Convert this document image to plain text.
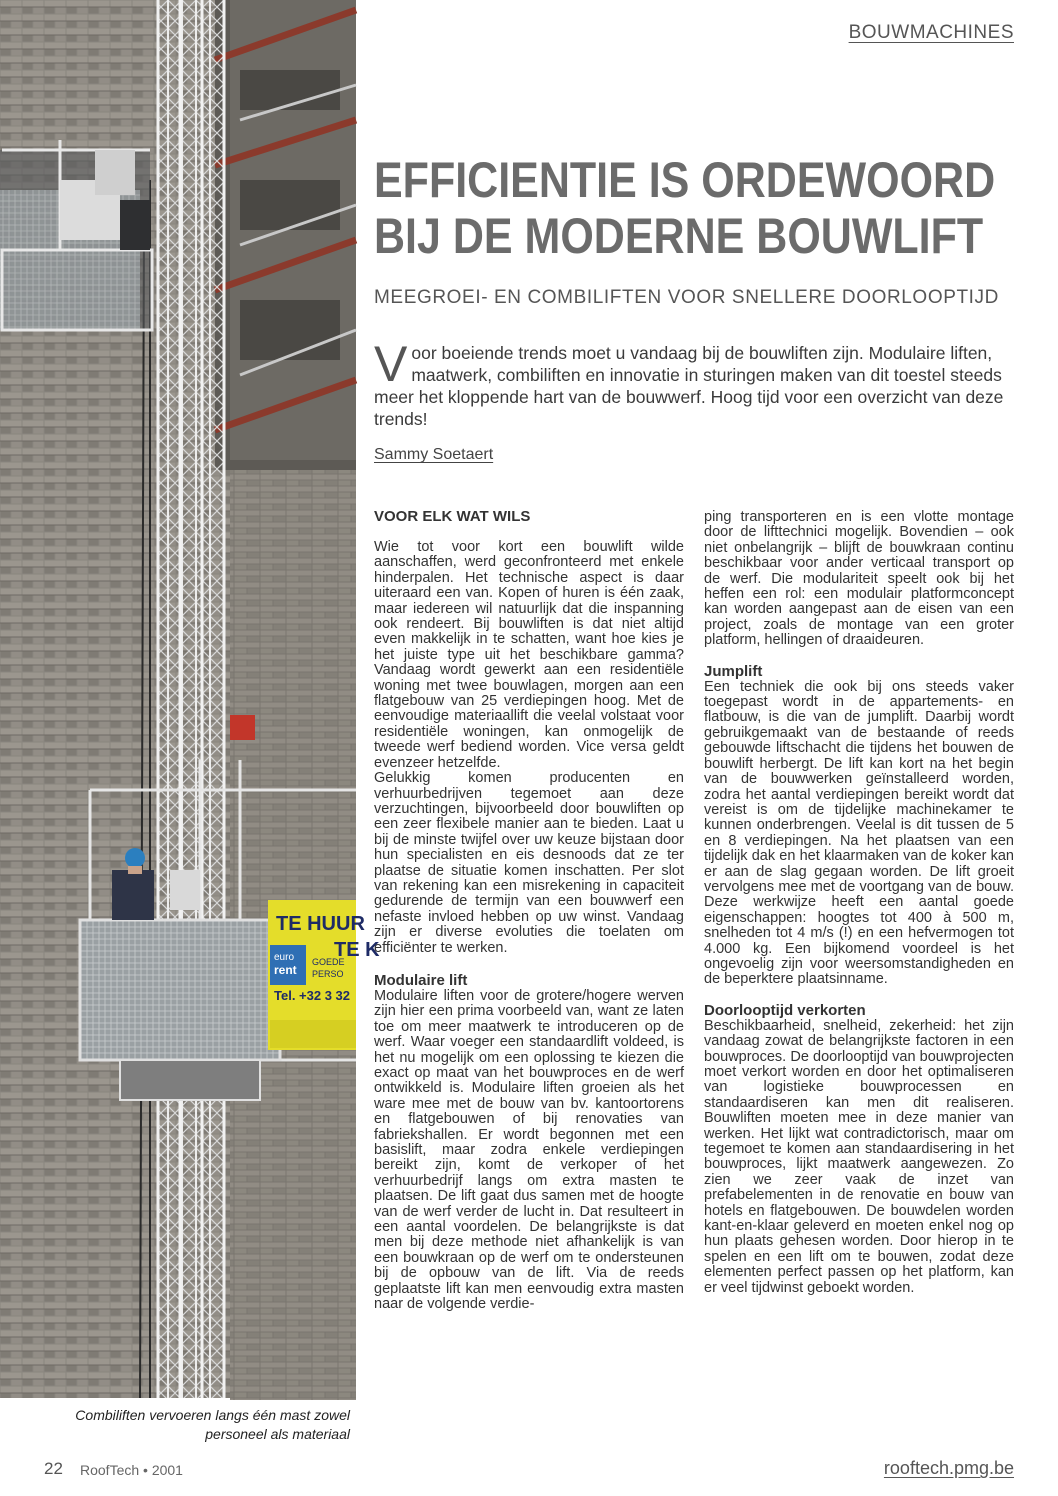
TE HUUR
TE K
euro
rent
GOEDE
PERSO
Tel. +32 3 32
Combiliften vervoeren langs één mast zowel personeel als materiaal
BOUWMACHINES
EFFICIENTIE IS ORDEWOORD
BIJ DE MODERNE BOUWLIFT
MEEGROEI- EN COMBILIFTEN VOOR SNELLERE DOORLOOPTIJD
Voor boeiende trends moet u vandaag bij de bouwliften zijn. Modulaire liften, maatwerk, combiliften en innovatie in sturingen maken van dit toestel steeds meer het kloppende hart van de bouwwerf. Hoog tijd voor een overzicht van deze trends!
Sammy Soetaert
VOOR ELK WAT WILS

Wie tot voor kort een bouwlift wilde aanschaffen, werd geconfronteerd met enkele hinderpalen. Het technische aspect is daar uiteraard een van. Kopen of huren is één zaak, maar iedereen wil natuurlijk dat die inspanning ook rendeert. Bij bouwliften is dat niet altijd even makkelijk in te schatten, want hoe kies je het juiste type uit het beschikbare gamma? Vandaag wordt gewerkt aan een residentiële woning met twee bouwlagen, morgen aan een flatgebouw van 25 verdiepingen hoog. Met de eenvoudige materiaallift die veelal volstaat voor residentiële woningen, kan onmogelijk de tweede werf bediend worden. Vice versa geldt evenzeer hetzelfde.

Gelukkig komen producenten en verhuurbedrijven tegemoet aan deze verzuchtingen, bijvoorbeeld door bouwliften op een zeer flexibele manier aan te bieden. Laat u bij de minste twijfel over uw keuze bijstaan door hun specialisten en eis desnoods dat ze ter plaatse de situatie komen inschatten. Per slot van rekening kan een misrekening in capaciteit gedurende de termijn van een bouwwerf een nefaste invloed hebben op uw winst. Vandaag zijn er diverse evoluties die toelaten om efficiënter te werken.

Modulaire lift

Modulaire liften voor de grotere/hogere werven zijn hier een prima voorbeeld van, want ze laten toe om meer maatwerk te introduceren op de werf. Waar voeger een standaardlift voldeed, is het nu mogelijk om een oplossing te kiezen die exact op maat van het bouwproces en de werf ontwikkeld is. Modulaire liften groeien als het ware mee met de bouw van bv. kantoortorens en flatgebouwen of bij renovaties van fabriekshallen. Er wordt begonnen met een basislift, maar zodra enkele verdiepingen bereikt zijn, komt de verkoper of het verhuurbedrijf langs om extra masten te plaatsen. De lift gaat dus samen met de hoogte van de werf verder de lucht in. Dat resulteert in een aantal voordelen. De belangrijkste is dat men bij deze methode niet afhankelijk is van een bouwkraan op de werf om te ondersteunen bij de opbouw van de lift. Via de reeds geplaatste lift kan men eenvoudig extra masten naar de volgende verdie-

ping transporteren en is een vlotte montage door de lifttechnici mogelijk. Bovendien – ook niet onbelangrijk – blijft de bouwkraan continu beschikbaar voor ander verticaal transport op de werf. Die modulariteit speelt ook bij het heffen een rol: een modulair platformconcept kan worden aangepast aan de eisen van een project, zoals de montage van een groter platform, hellingen of draaideuren.

Jumplift

Een techniek die ook bij ons steeds vaker toegepast wordt in de appartements- en flatbouw, is die van de jumplift. Daarbij wordt gebruikgemaakt van de bestaande of reeds gebouwde liftschacht die tijdens het bouwen de bouwlift herbergt. De lift kan kort na het begin van de bouwwerken geïnstalleerd worden, zodra het aantal verdiepingen bereikt wordt dat vereist is om de tijdelijke machinekamer te kunnen onderbrengen. Veelal is dit tussen de 5 en 8 verdiepingen. Na het plaatsen van een tijdelijk dak en het klaarmaken van de koker kan er aan de slag gegaan worden. De lift groeit vervolgens mee met de voortgang van de bouw. Deze werkwijze heeft een aantal goede eigenschappen: hoogtes tot 400 à 500 m, snelheden tot 4 m/s (!) en een hefvermogen tot 4.000 kg. Een bijkomend voordeel is het ongevoelig zijn voor weersomstandigheden en de beperktere plaatsinname.

Doorlooptijd verkorten

Beschikbaarheid, snelheid, zekerheid: het zijn vandaag zowat de belangrijkste factoren in een bouwproces. De doorlooptijd van bouwprojecten moet verkort worden en door het optimaliseren van logistieke bouwprocessen en standaardiseren kan men dit realiseren. Bouwliften moeten mee in deze manier van werken. Het lijkt wat contradictorisch, maar om tegemoet te komen aan standaardisering in het bouwproces, lijkt maatwerk aangewezen. Zo zien we zeer vaak de inzet van prefabelementen in de renovatie en bouw van hotels en flatgebouwen. De bouwdelen worden kant-en-klaar geleverd en moeten enkel nog op hun plaats gehesen worden. Door hierop in te spelen en een lift om te bouwen, zodat deze elementen perfect passen op het platform, kan er veel tijdwinst geboekt worden.

22 RoofTech • 2001	rooftech.pmg.be
